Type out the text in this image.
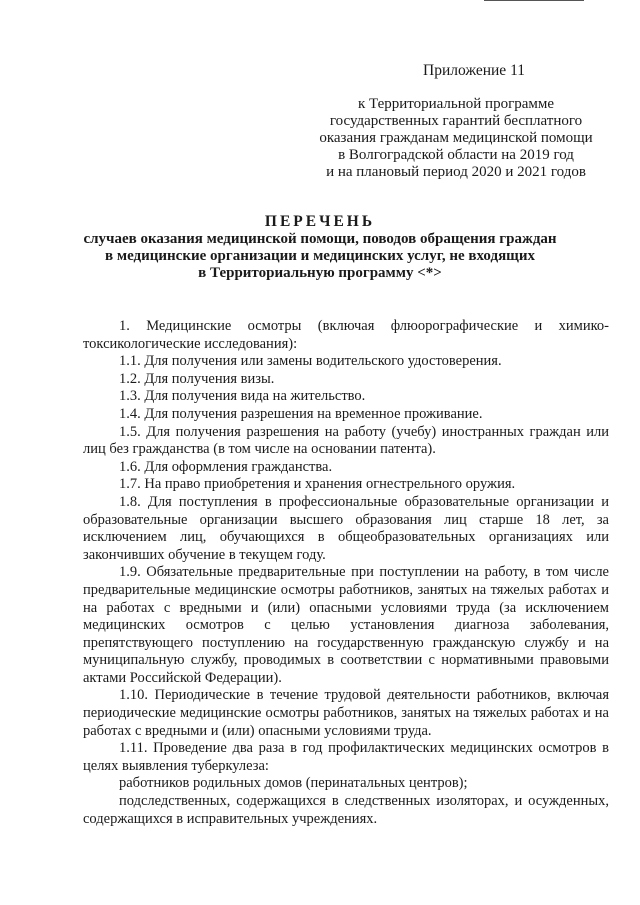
Приложение 11
к Территориальной программе
государственных гарантий бесплатного
оказания гражданам медицинской помощи
в Волгоградской области на 2019 год
и на плановый период 2020 и 2021 годов
ПЕРЕЧЕНЬ
случаев оказания медицинской помощи, поводов обращения граждан
в медицинские организации и медицинских услуг, не входящих
в Территориальную программу <*>

1. Медицинские осмотры (включая флюорографические и химико-токсикологические исследования):

1.1. Для получения или замены водительского удостоверения.

1.2. Для получения визы.

1.3. Для получения вида на жительство.

1.4. Для получения разрешения на временное проживание.

1.5. Для получения разрешения на работу (учебу) иностранных граждан или лиц без гражданства (в том числе на основании патента).

1.6. Для оформления гражданства.

1.7. На право приобретения и хранения огнестрельного оружия.

1.8. Для поступления в профессиональные образовательные организации и образовательные организации высшего образования лиц старше 18 лет, за исключением лиц, обучающихся в общеобразовательных организациях или закончивших обучение в текущем году.

1.9. Обязательные предварительные при поступлении на работу, в том числе предварительные медицинские осмотры работников, занятых на тяжелых работах и на работах с вредными и (или) опасными условиями труда (за исключением медицинских осмотров с целью установления диагноза заболевания, препятствующего поступлению на государственную гражданскую службу и на муниципальную службу, проводимых в соответствии с нормативными правовыми актами Российской Федерации).

1.10. Периодические в течение трудовой деятельности работников, включая периодические медицинские осмотры работников, занятых на тяжелых работах и на работах с вредными и (или) опасными условиями труда.

1.11. Проведение два раза в год профилактических медицинских осмотров в целях выявления туберкулеза:

работников родильных домов (перинатальных центров);

подследственных, содержащихся в следственных изоляторах, и осужденных, содержащихся в исправительных учреждениях.
